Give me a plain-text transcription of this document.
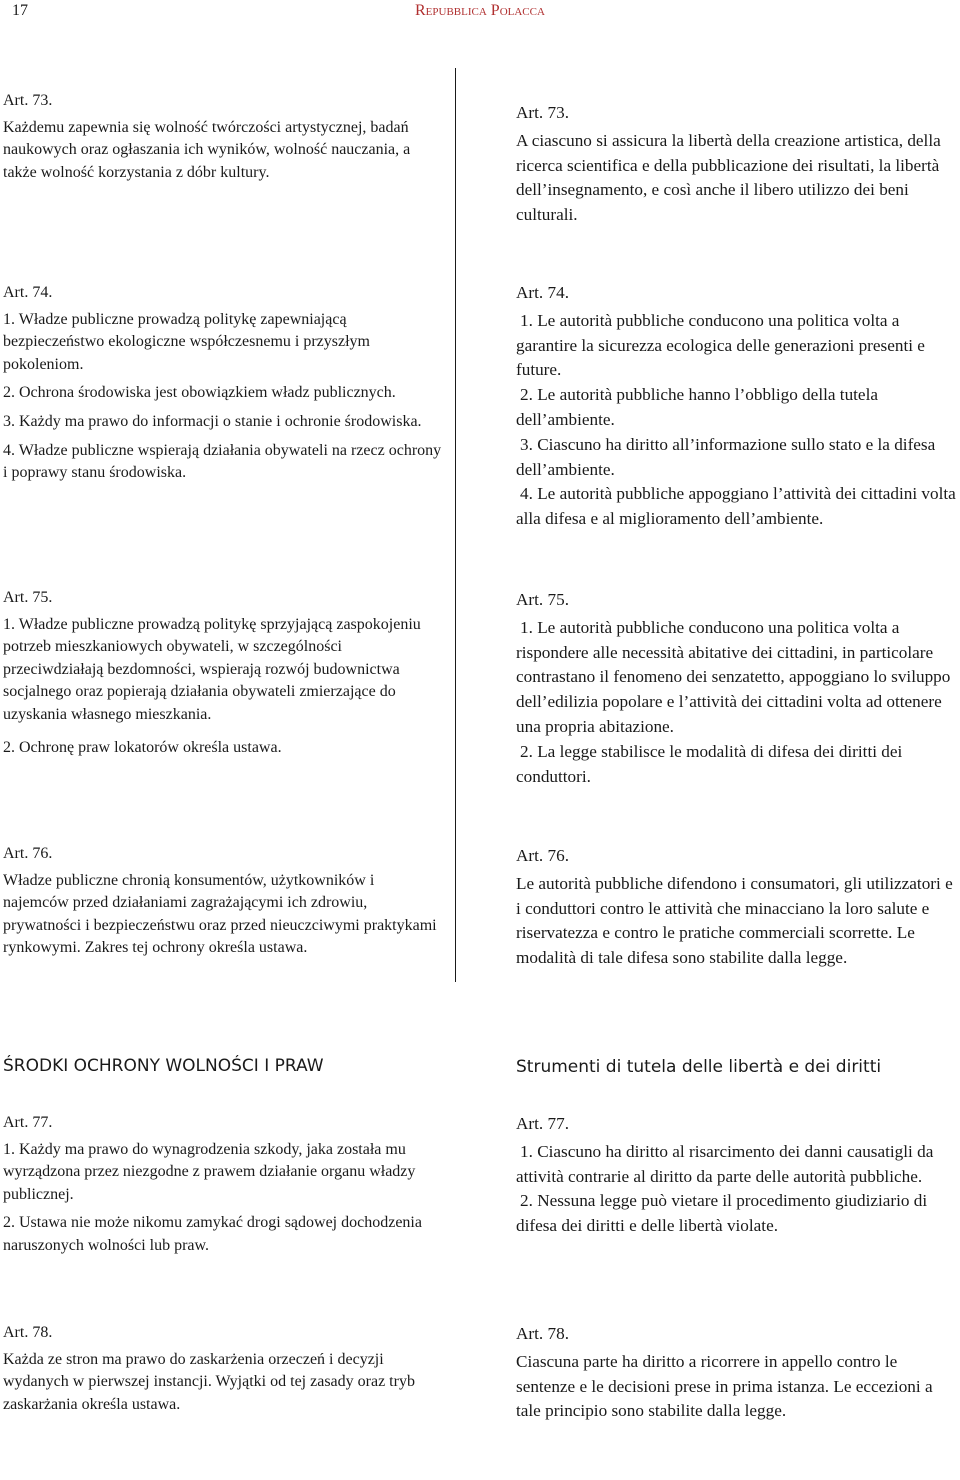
17	Repubblica Polacca

Art. 73.

Każdemu zapewnia się wolność twórczości artystycznej, badań naukowych oraz ogłaszania ich wyników, wolność nauczania, a także wolność korzystania z dóbr kultury.

Art. 74.

1. Władze publiczne prowadzą politykę zapewniającą bezpieczeństwo ekologiczne współczesnemu i przyszłym pokoleniom.

2. Ochrona środowiska jest obowiązkiem władz publicznych.

3. Każdy ma prawo do informacji o stanie i ochronie środowiska.

4. Władze publiczne wspierają działania obywateli na rzecz ochrony i poprawy stanu środowiska.

Art. 75.

1. Władze publiczne prowadzą politykę sprzyjającą zaspokojeniu potrzeb mieszkaniowych obywateli, w szczególności przeciwdziałają bezdomności, wspierają rozwój budownictwa socjalnego oraz popierają działania obywateli zmierzające do uzyskania własnego mieszkania.

2. Ochronę praw lokatorów określa ustawa.

Art. 76.

Władze publiczne chronią konsumentów, użytkowników i najemców przed działaniami zagrażającymi ich zdrowiu, prywatności i bezpieczeństwu oraz przed nieuczciwymi praktykami rynkowymi. Zakres tej ochrony określa ustawa.

ŚRODKI OCHRONY WOLNOŚCI I PRAW

Art. 77.

1. Każdy ma prawo do wynagrodzenia szkody, jaka została mu wyrządzona przez niezgodne z prawem działanie organu władzy publicznej.

2. Ustawa nie może nikomu zamykać drogi sądowej dochodzenia naruszonych wolności lub praw.

Art. 78.

Każda ze stron ma prawo do zaskarżenia orzeczeń i decyzji wydanych w pierwszej instancji. Wyjątki od tej zasady oraz tryb zaskarżania określa ustawa.

Art. 73.

A ciascuno si assicura la libertà della creazione artistica, della ricerca scientifica e della pubblicazione dei risultati, la libertà dell’insegnamento, e così anche il libero utilizzo dei beni culturali.

Art. 74.

1. Le autorità pubbliche conducono una politica volta a garantire la sicurezza ecologica delle generazioni presenti e future.

2. Le autorità pubbliche hanno l’obbligo della tutela dell’ambiente.

3. Ciascuno ha diritto all’informazione sullo stato e la difesa dell’ambiente.

4. Le autorità pubbliche appoggiano l’attività dei cittadini volta alla difesa e al miglioramento dell’ambiente.

Art. 75.

1. Le autorità pubbliche conducono una politica volta a rispondere alle necessità abitative dei cittadini, in particolare contrastano il fenomeno dei senzatetto, appoggiano lo sviluppo dell’edilizia popolare e l’attività dei cittadini volta ad ottenere una propria abitazione.

2. La legge stabilisce le modalità di difesa dei diritti dei conduttori.

Art. 76.

Le autorità pubbliche difendono i consumatori, gli utilizzatori e i conduttori contro le attività che minacciano la loro salute e riservatezza e contro le pratiche commerciali scorrette. Le modalità di tale difesa sono stabilite dalla legge.

Strumenti di tutela delle libertà e dei diritti

Art. 77.

1. Ciascuno ha diritto al risarcimento dei danni causatigli da attività contrarie al diritto da parte delle autorità pubbliche.

2. Nessuna legge può vietare il procedimento giudiziario di difesa dei diritti e delle libertà violate.

Art. 78.

Ciascuna parte ha diritto a ricorrere in appello contro le sentenze e le decisioni prese in prima istanza. Le eccezioni a tale principio sono stabilite dalla legge.
